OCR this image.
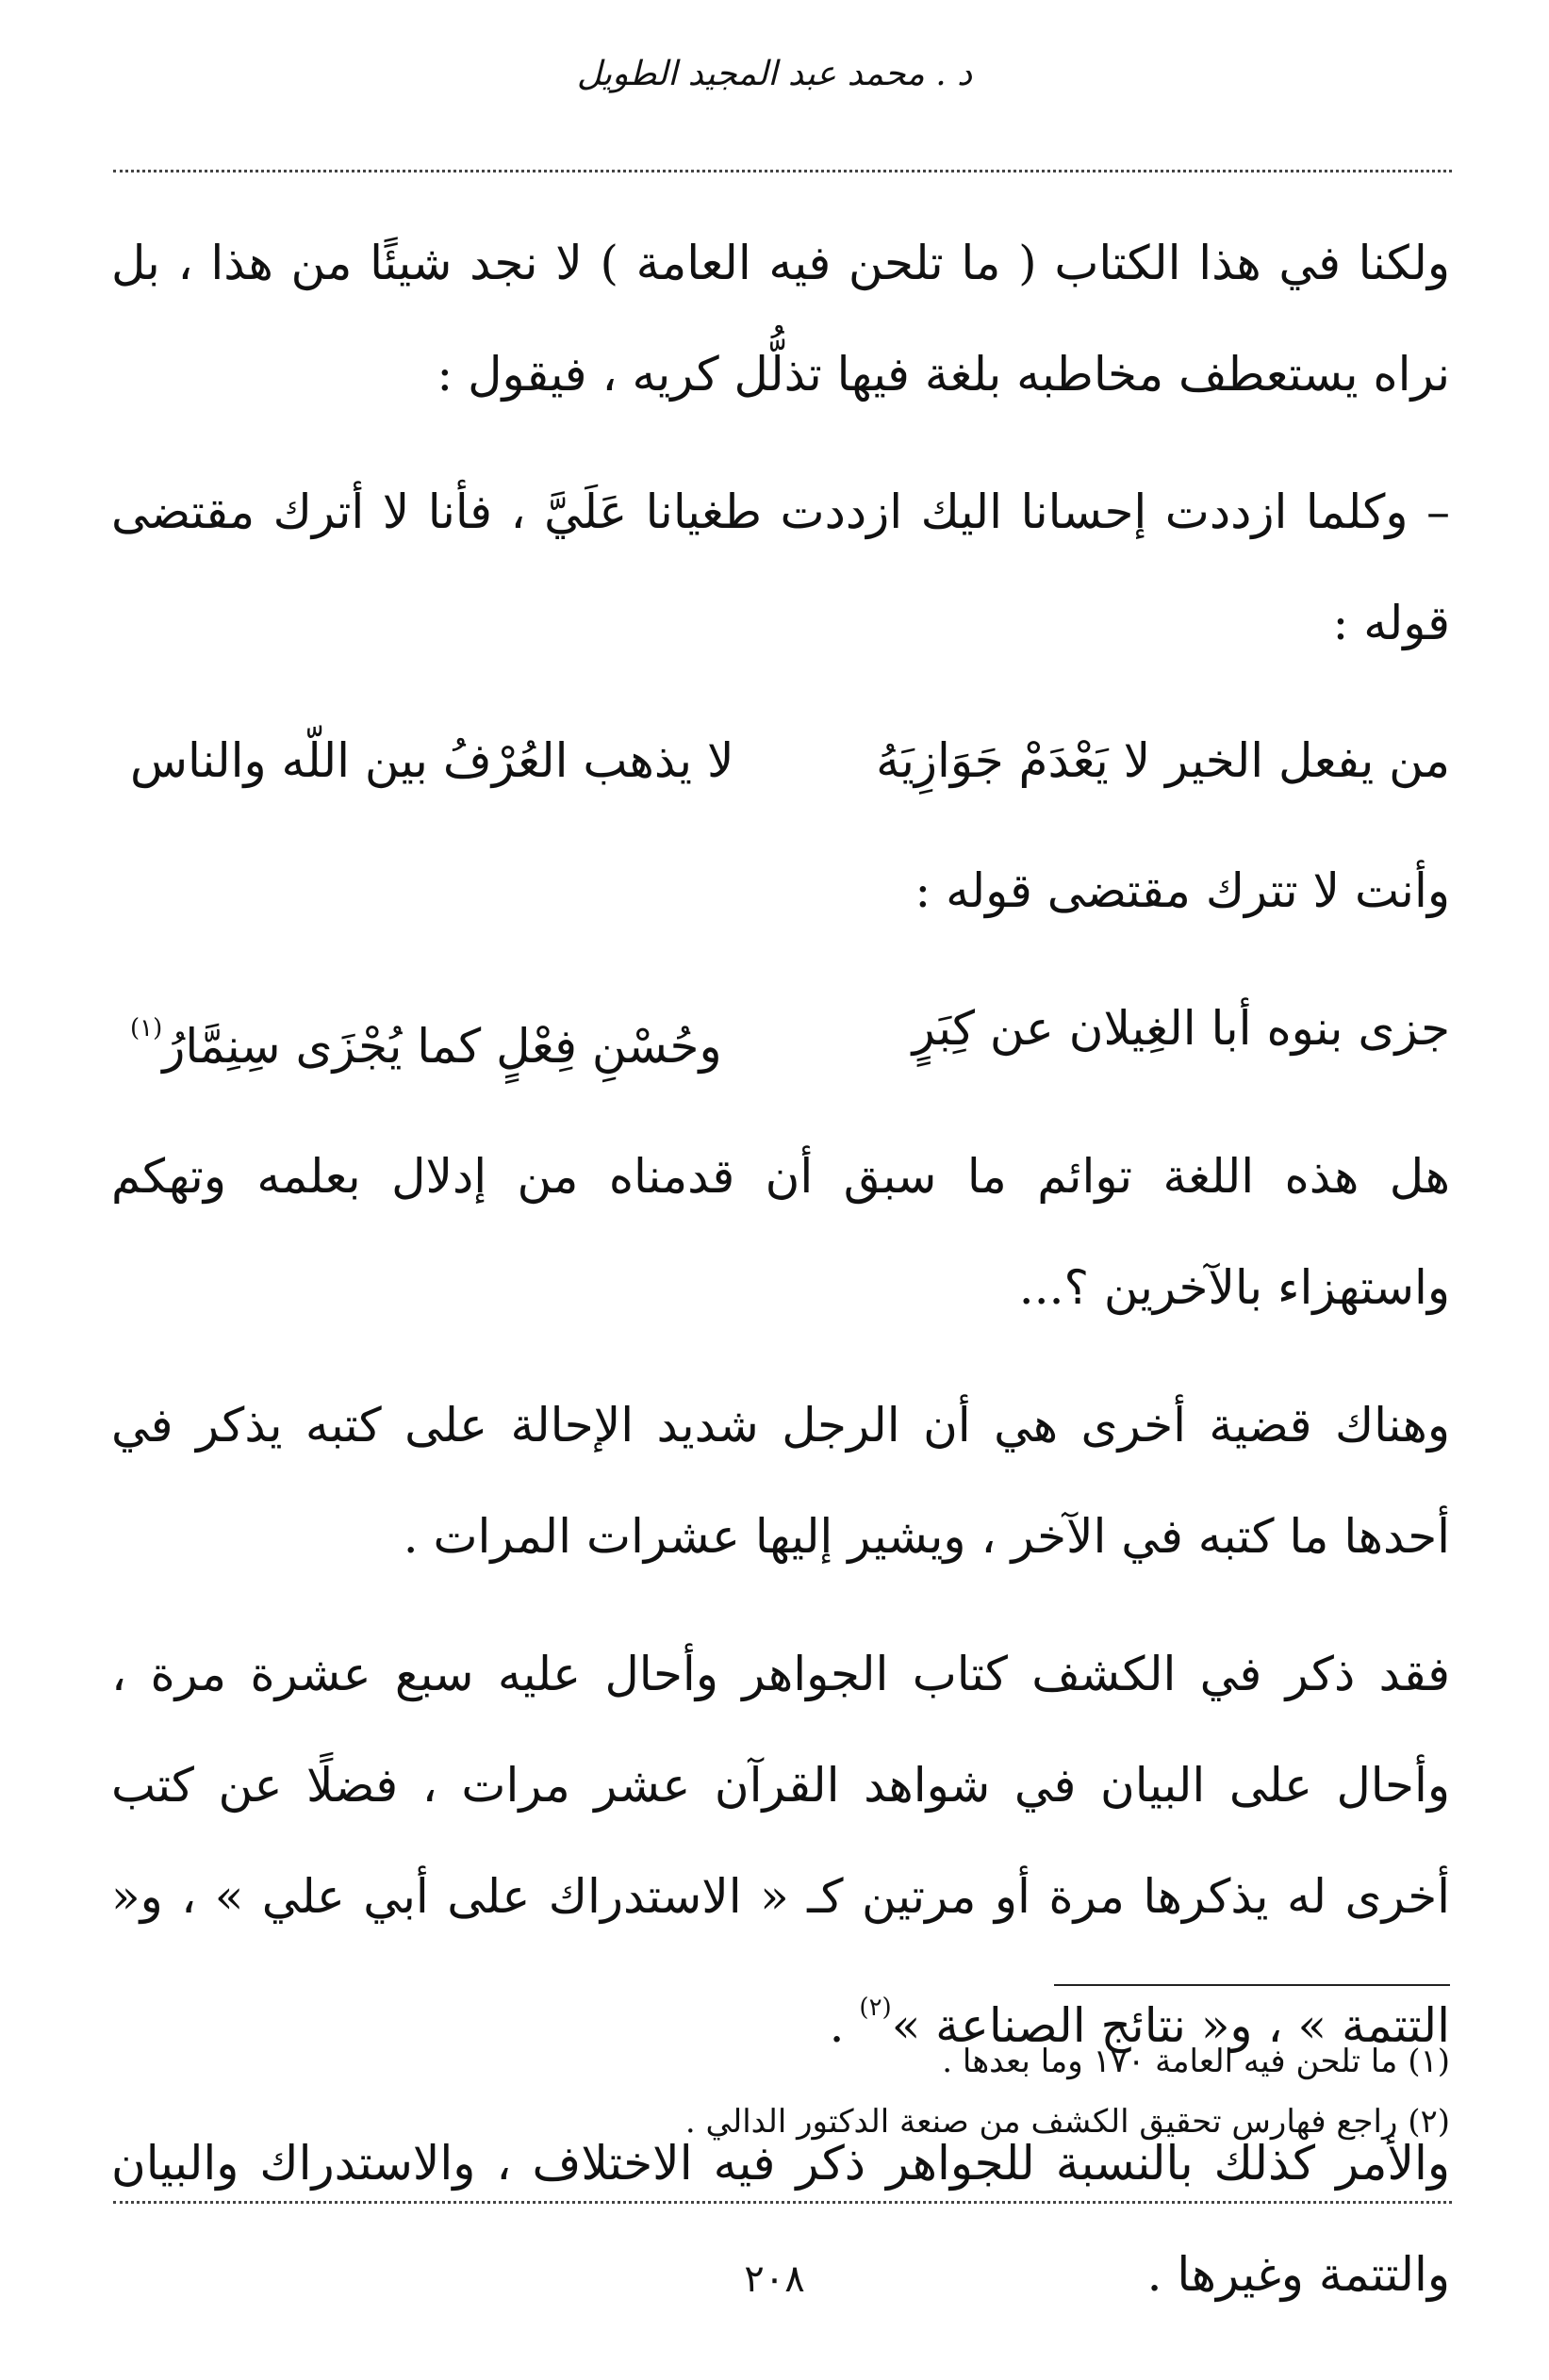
د . محمد عبد المجيد الطويل

ولكنا في هذا الكتاب ( ما تلحن فيه العامة ) لا نجد شيئًا من هذا ، بل نراه يستعطف مخاطبه بلغة فيها تذلُّل كريه ، فيقول :

– وكلما ازددت إحسانا اليك ازددت طغيانا عَلَيَّ ، فأنا لا أترك مقتضى قوله :

من يفعل الخير لا يَعْدَمْ جَوَازِيَهُ
لا يذهب العُرْفُ بين اللّه والناس

وأنت لا تترك مقتضى قوله :

جزى بنوه أبا الغِيلان عن كِبَرٍ
وحُسْنِ فِعْلٍ كما يُجْزَى سِنِمَّارُ$^{(١)}$

هل هذه اللغة توائم ما سبق أن قدمناه من إدلال بعلمه وتهكم واستهزاء بالآخرين ؟...

وهناك قضية أخرى هي أن الرجل شديد الإحالة على كتبه يذكر في أحدها ما كتبه في الآخر ، ويشير إليها عشرات المرات .

فقد ذكر في الكشف كتاب الجواهر وأحال عليه سبع عشرة مرة ، وأحال على البيان في شواهد القرآن عشر مرات ، فضلًا عن كتب أخرى له يذكرها مرة أو مرتين كـ « الاستدراك على أبي علي » ، و« التتمة » ، و« نتائج الصناعة »$^{(٢)}$ .

والأمر كذلك بالنسبة للجواهر ذكر فيه الاختلاف ، والاستدراك والبيان والتتمة وغيرها .

(١) ما تلحن فيه العامة ١٧٠ وما بعدها .
(٢) راجع فهارس تحقيق الكشف من صنعة الدكتور الدالي .
٢٠٨
